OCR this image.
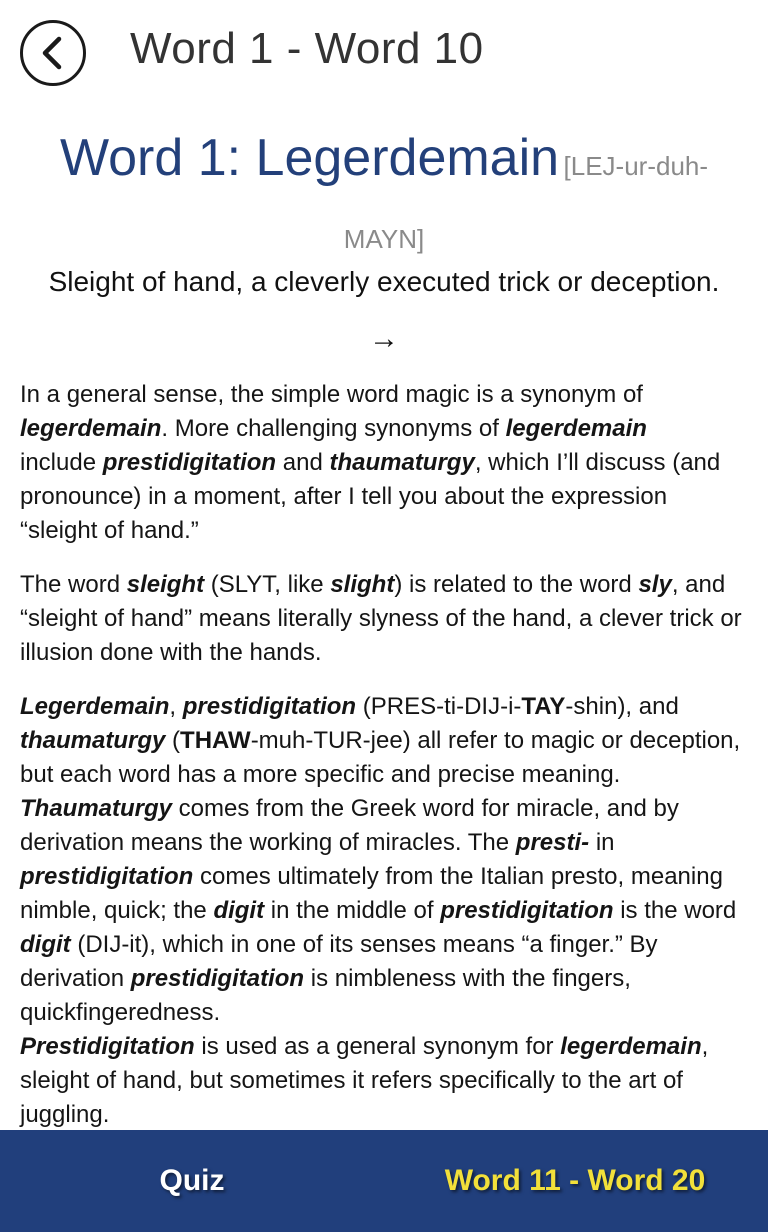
Word 1 - Word 10
Word 1: Legerdemain [LEJ-ur-duh-MAYN]
Sleight of hand, a cleverly executed trick or deception.
→

In a general sense, the simple word magic is a synonym of legerdemain. More challenging synonyms of legerdemain
include prestidigitation and thaumaturgy, which I’ll discuss (and pronounce) in a moment, after I tell you about the expression “sleight of hand.”

The word sleight (SLYT, like slight) is related to the word sly, and “sleight of hand” means literally slyness of the hand, a clever trick or illusion done with the hands.

Legerdemain, prestidigitation (PRES-ti-DIJ-i-TAY-shin), and thaumaturgy (THAW-muh-TUR-jee) all refer to magic or deception, but each word has a more specific and precise meaning. Thaumaturgy comes from the Greek word for miracle, and by derivation means the working of miracles. The presti- in prestidigitation comes ultimately from the Italian presto, meaning nimble, quick; the digit in the middle of prestidigitation is the word digit (DIJ-it), which in one of its senses means “a finger.” By derivation prestidigitation is nimbleness with the fingers, quickfingeredness.
Prestidigitation is used as a general synonym for legerdemain, sleight of hand, but sometimes it refers specifically to the art of juggling.

Quiz	Word 11 - Word 20
